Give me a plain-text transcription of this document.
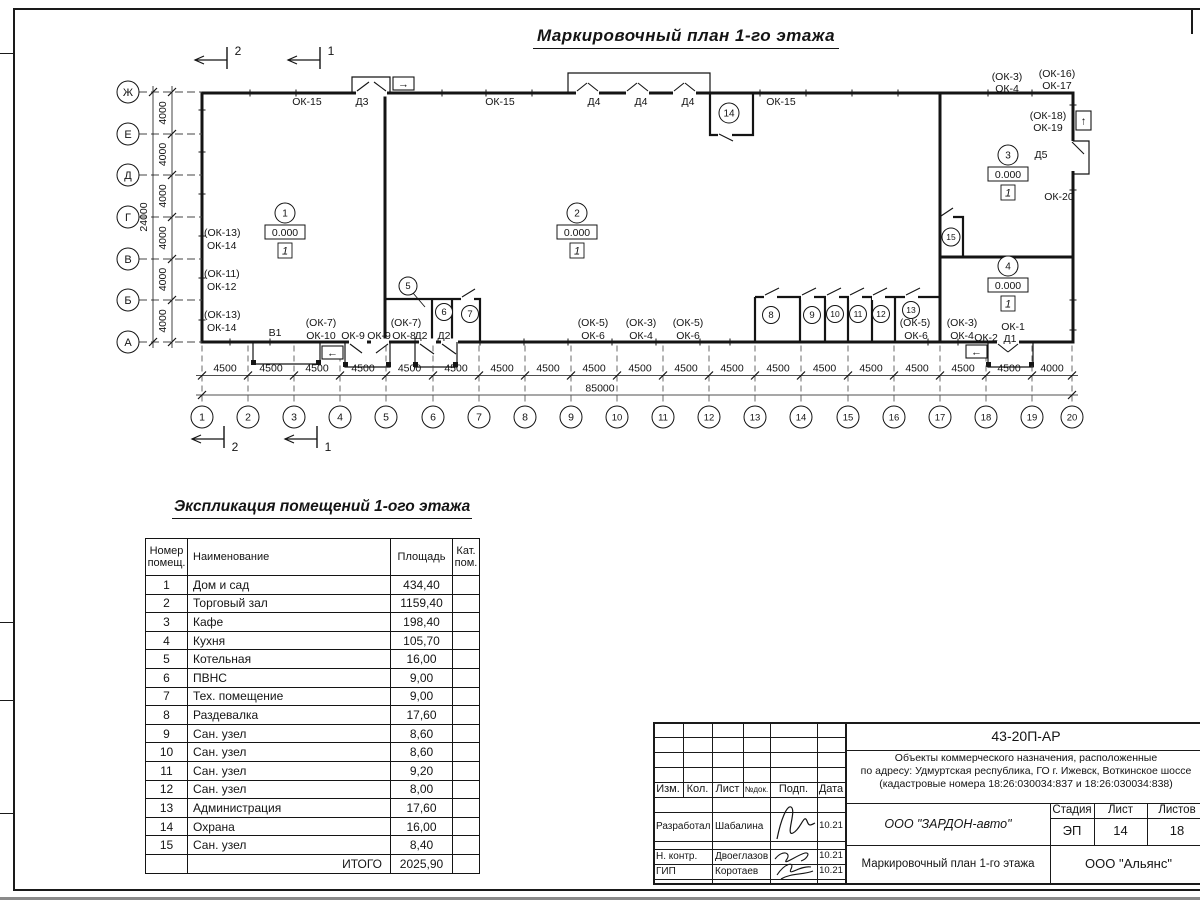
Маркировочный план 1-го этажа
Экспликация помещений 1-ого этажа
Ж
Е
Д
Г
В
Б
А
4000
4000
4000
4000
4000
4000
24000
1	2	3	4	5	6	7	8	9	10	11	12	13	14	15	16	17	18	19	20
4500 4500 4500 4500 4500 4500 4500 4500 4500 4500 4500 4500 4500 4500 4500 4500 4500 4500 4000
85000
2	1
2	1
1
0.000
1
2
0.000
1
3
0.000
1
4
0.000
1
5
6 7	8	9 10 11 12 13
14
15
ОК-15	Д3	ОК-15	Д4	Д4	Д4	ОК-15
(ОК-3)
ОК-4
(ОК-16)
ОК-17
(ОК-18)
ОК-19
Д5
ОК-20
(ОК-13)
ОК-14
(ОК-11)
ОК-12
(ОК-13)
ОК-14	В1
(ОК-7)
ОК-10 ОК-9 ОК-9
(ОК-7)
ОК-8
Д2 Д2
(ОК-5)
ОК-6
(ОК-3)
ОК-4
(ОК-5)
ОК-6
(ОК-5)
ОК-6
(ОК-3)
ОК-4 ОК-2
ОК-1
Д1
→
←	←
↑
Номер
помещ.	Наименование	Площадь	Кат.
пом.
1	Дом и сад	434,40	
2	Торговый зал	1159,40	
3	Кафе	198,40	
4	Кухня	105,70	
5	Котельная	16,00	
6	ПВНС	9,00	
7	Тех. помещение	9,00	
8	Раздевалка	17,60	
9	Сан. узел	8,60	
10	Сан. узел	8,60	
11	Сан. узел	9,20	
12	Сан. узел	8,00	
13	Администрация	17,60	
14	Охрана	16,00	
15	Сан. узел	8,40	
	ИТОГО	2025,90	
Изм. Кол. Лист №док. Подп. Дата
Разработал Шабалина	10.21
Н. контр.	Двоеглазов	10.21
ГИП	Коротаев	10.21
43-20П-АР
Объекты коммерческого назначения, расположенные
по адресу: Удмуртская республика, ГО г. Ижевск, Воткинское шоссе
(кадастровые номера 18:26:030034:837 и 18:26:030034:838)
ООО "ЗАРДОН-авто"
Стадия	Лист	Листов
ЭП	14	18
Маркировочный план 1-го этажа	ООО "Альянс"
